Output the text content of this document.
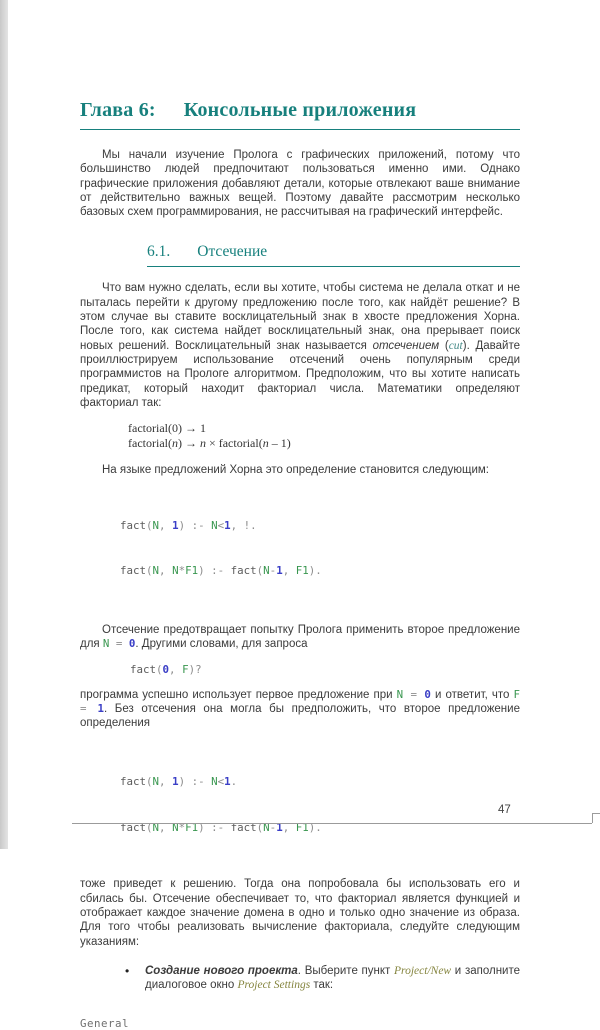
Глава 6: Консольные приложения

Мы начали изучение Пролога с графических приложений, потому что большинство людей предпочитают пользоваться именно ими. Однако графические приложения добавляют детали, которые отвлекают ваше внимание от действительно важных вещей. Поэтому давайте рассмотрим несколько базовых схем программирования, не рассчитывая на графический интерфейс.

6.1. Отсечение

Что вам нужно сделать, если вы хотите, чтобы система не делала откат и не пыталась перейти к другому предложению после того, как найдёт решение? В этом случае вы ставите восклицательный знак в хвосте предложения Хорна. После того, как система найдет восклицательный знак, она прерывает поиск новых решений. Восклицательный знак называется отсечением (cut). Давайте проиллюстрируем использование отсечений очень популярным среди программистов на Прологе алгоритмом. Предположим, что вы хотите написать предикат, который находит факториал числа. Математики определяют факториал так:

factorial(0) → 1
factorial(n) → n × factorial(n – 1)

На языке предложений Хорна это определение становится следующим:

fact(N, 1) :- N<1, !.

fact(N, N*F1) :- fact(N-1, F1).

Отсечение предотвращает попытку Пролога применить второе предложение для N = 0. Другими словами, для запроса

fact(0, F)?

программа успешно использует первое предложение при N = 0 и ответит, что F = 1. Без отсечения она могла бы предположить, что второе предложение определения

fact(N, 1) :- N<1.

fact(N, N*F1) :- fact(N-1, F1).

тоже приведет к решению. Тогда она попробовала бы использовать его и сбилась бы. Отсечение обеспечивает то, что факториал является функцией и отображает каждое значение домена в одно и только одно значение из образа. Для того чтобы реализовать вычисление факториала, следуйте следующим указаниям:

•	Создание нового проекта. Выберите пункт Project/New и заполните диалоговое окно Project Settings так:
General
47
